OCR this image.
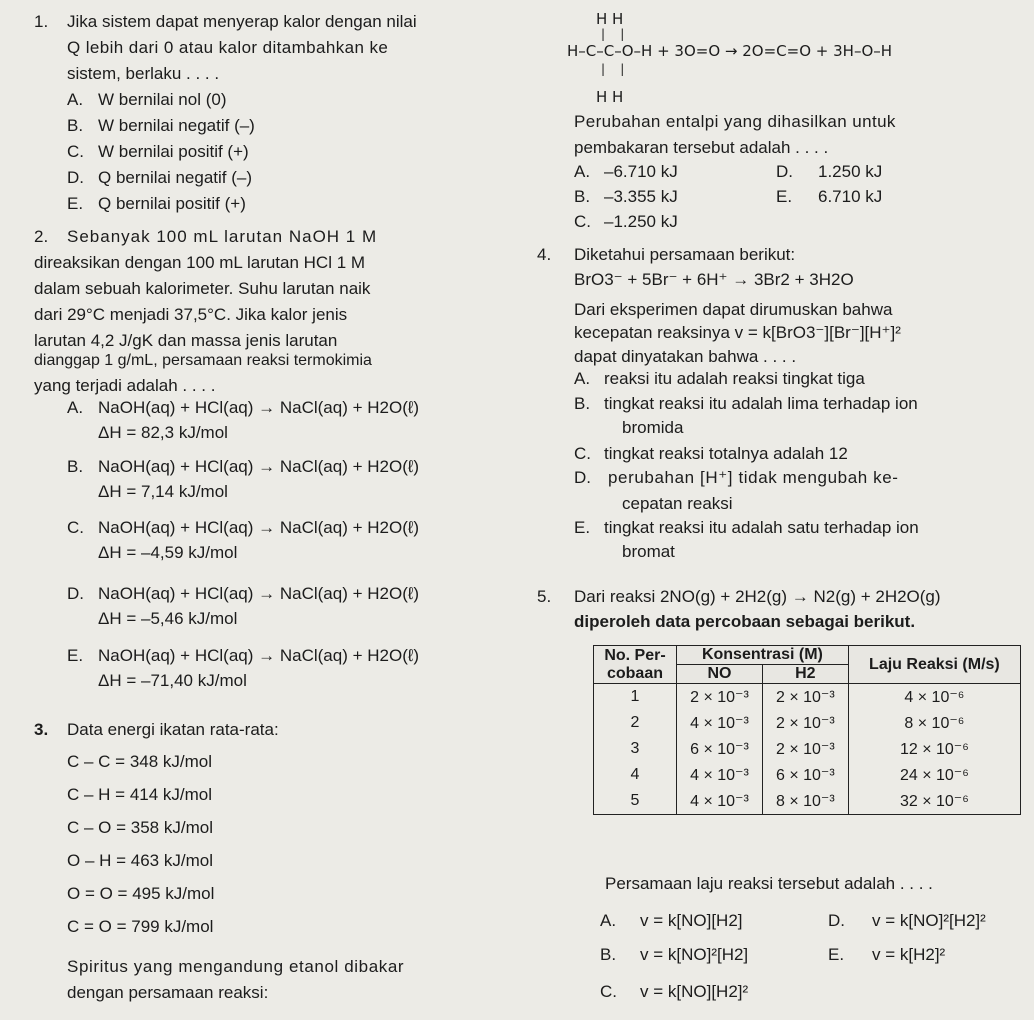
1. Jika sistem dapat menyerap kalor dengan nilai
Q lebih dari 0 atau kalor ditambahkan ke
sistem, berlaku . . . .
A. W bernilai nol (0)
B. W bernilai negatif (–)
C. W bernilai positif (+)
D. Q bernilai negatif (–)
E. Q bernilai positif (+)
2. Sebanyak 100 mL larutan NaOH 1 M
direaksikan dengan 100 mL larutan HCl 1 M
dalam sebuah kalorimeter. Suhu larutan naik
dari 29°C menjadi 37,5°C. Jika kalor jenis
larutan 4,2 J/gK dan massa jenis larutan
dianggap 1 g/mL, persamaan reaksi termokimia
yang terjadi adalah . . . .
A. NaOH(aq) + HCl(aq) → NaCl(aq) + H2O(ℓ)
ΔH = 82,3 kJ/mol
B. NaOH(aq) + HCl(aq) → NaCl(aq) + H2O(ℓ)
ΔH = 7,14 kJ/mol
C. NaOH(aq) + HCl(aq) → NaCl(aq) + H2O(ℓ)
ΔH = –4,59 kJ/mol
D. NaOH(aq) + HCl(aq) → NaCl(aq) + H2O(ℓ)
ΔH = –5,46 kJ/mol
E. NaOH(aq) + HCl(aq) → NaCl(aq) + H2O(ℓ)
ΔH = –71,40 kJ/mol
3. Data energi ikatan rata-rata:
C – C = 348 kJ/mol
C – H = 414 kJ/mol
C – O = 358 kJ/mol
O – H = 463 kJ/mol
O = O = 495 kJ/mol
C = O = 799 kJ/mol
Spiritus yang mengandung etanol dibakar
dengan persamaan reaksi:
H H
|    |
H–C–C–O–H + 3O=O → 2O=C=O + 3H–O–H
|    |
H H
Perubahan entalpi yang dihasilkan untuk
pembakaran tersebut adalah . . . .
A. –6.710 kJ
B. –3.355 kJ
C. –1.250 kJ
D. 1.250 kJ
E. 6.710 kJ
4. Diketahui persamaan berikut:
BrO3⁻ + 5Br⁻ + 6H⁺ → 3Br2 + 3H2O
Dari eksperimen dapat dirumuskan bahwa
kecepatan reaksinya v = k[BrO3⁻][Br⁻][H⁺]²
dapat dinyatakan bahwa . . . .
A. reaksi itu adalah reaksi tingkat tiga
B. tingkat reaksi itu adalah lima terhadap ion
bromida
C. tingkat reaksi totalnya adalah 12
D. perubahan [H⁺] tidak mengubah ke-
cepatan reaksi
E. tingkat reaksi itu adalah satu terhadap ion
bromat
5. Dari reaksi 2NO(g) + 2H2(g) → N2(g) + 2H2O(g)
diperoleh data percobaan sebagai berikut.
No. Per-cobaan	Konsentrasi (M)		Laju Reaksi (M/s)
	NO	H2	
1	2 × 10⁻³	2 × 10⁻³	4 × 10⁻⁶
2	4 × 10⁻³	2 × 10⁻³	8 × 10⁻⁶
3	6 × 10⁻³	2 × 10⁻³	12 × 10⁻⁶
4	4 × 10⁻³	6 × 10⁻³	24 × 10⁻⁶
5	4 × 10⁻³	8 × 10⁻³	32 × 10⁻⁶
Persamaan laju reaksi tersebut adalah . . . .
A. v = k[NO][H2]
B. v = k[NO]²[H2]
C. v = k[NO][H2]²
D. v = k[NO]²[H2]²
E. v = k[H2]²
